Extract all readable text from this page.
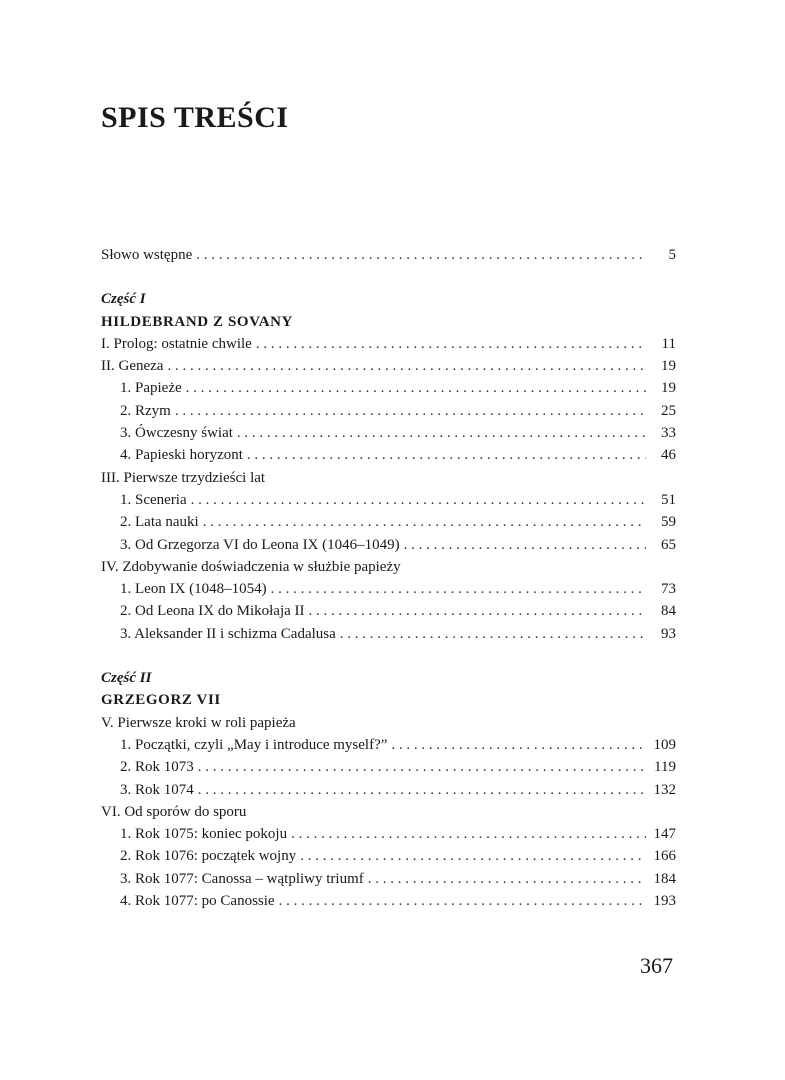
SPIS TREŚCI
Słowo wstępne . . .	5
Część I
HILDEBRAND Z SOVANY
I. Prolog: ostatnie chwile . . .	11
II. Geneza . . .	19
1. Papieże . . .	19
2. Rzym . . .	25
3. Ówczesny świat . . .	33
4. Papieski horyzont . . .	46
III. Pierwsze trzydzieści lat
1. Sceneria . . .	51
2. Lata nauki . . .	59
3. Od Grzegorza VI do Leona IX (1046–1049) . . .	65
IV. Zdobywanie doświadczenia w służbie papieży
1. Leon IX (1048–1054) . . .	73
2. Od Leona IX do Mikołaja II . . .	84
3. Aleksander II i schizma Cadalusa . . .	93
Część II
GRZEGORZ VII
V. Pierwsze kroki w roli papieża
1. Początki, czyli „May i introduce myself?” . . .	109
2. Rok 1073 . . .	119
3. Rok 1074 . . .	132
VI. Od sporów do sporu
1. Rok 1075: koniec pokoju . . .	147
2. Rok 1076: początek wojny . . .	166
3. Rok 1077: Canossa – wątpliwy triumf . . .	184
4. Rok 1077: po Canossie . . .	193
367
